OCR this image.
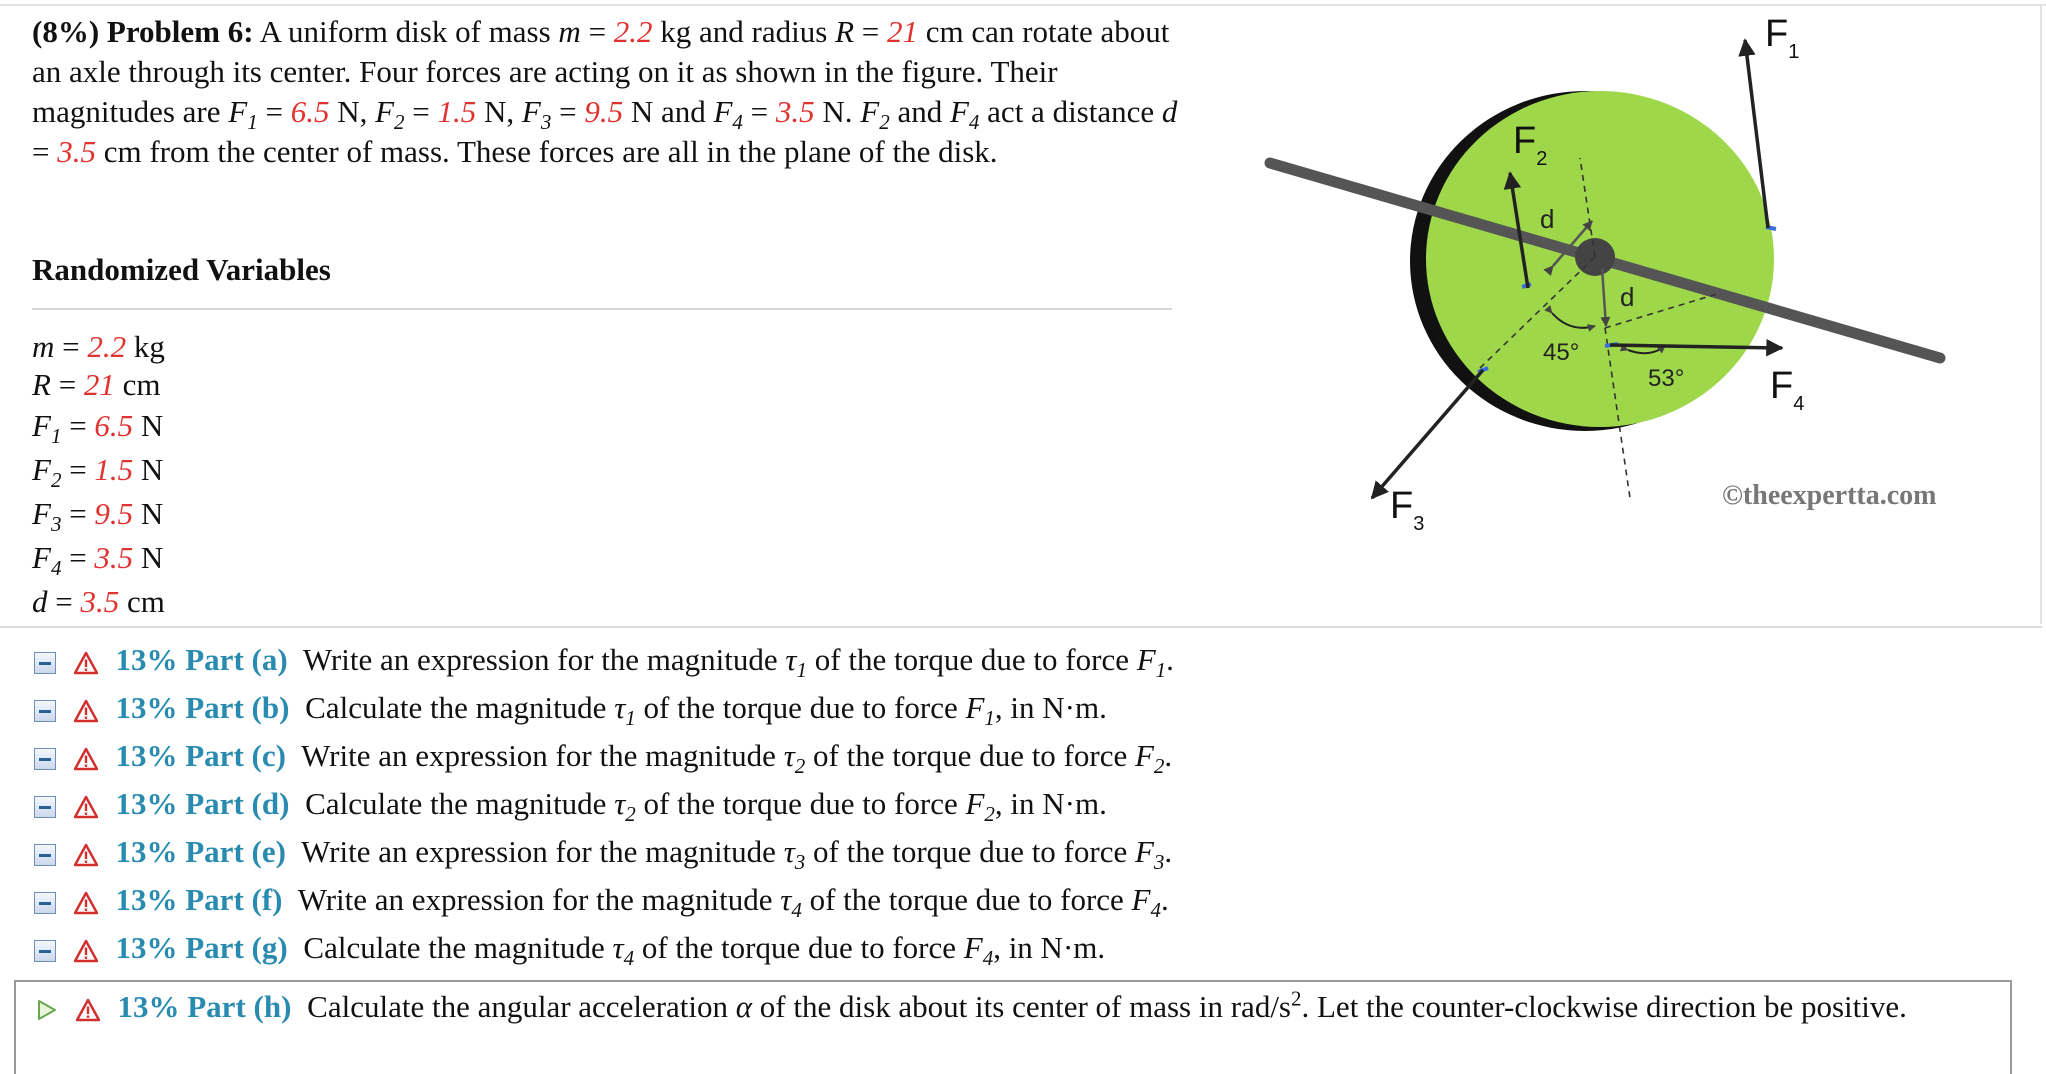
(8%) Problem 6: A uniform disk of mass m = 2.2 kg and radius R = 21 cm can rotate about an axle through its center. Four forces are acting on it as shown in the figure. Their magnitudes are $F_1 = 6.5$ N, $F_2 = 1.5$ N, $F_3 = 9.5$ N and $F_4 = 3.5$ N. $F_2$ and $F_4$ act a distance d = 3.5 cm from the center of mass. These forces are all in the plane of the disk.
Randomized Variables
m = 2.2 kg
R = 21 cm
$F_1 = 6.5$ N
$F_2 = 1.5$ N
$F_3 = 9.5$ N
$F_4 = 3.5$ N
d = 3.5 cm
$F_1$
$F_2$
$F_3$
$F_4$
d
d
45°
53°
©theexpertta.com
13% Part (a) Write an expression for the magnitude $\tau_1$ of the torque due to force $F_1$.
13% Part (b) Calculate the magnitude $\tau_1$ of the torque due to force $F_1$, in N·m.
13% Part (c) Write an expression for the magnitude $\tau_2$ of the torque due to force $F_2$.
13% Part (d) Calculate the magnitude $\tau_2$ of the torque due to force $F_2$, in N·m.
13% Part (e) Write an expression for the magnitude $\tau_3$ of the torque due to force $F_3$.
13% Part (f) Write an expression for the magnitude $\tau_4$ of the torque due to force $F_4$.
13% Part (g) Calculate the magnitude $\tau_4$ of the torque due to force $F_4$, in N·m.
13% Part (h) Calculate the angular acceleration α of the disk about its center of mass in rad/$s^2$. Let the counter-clockwise direction be positive.
